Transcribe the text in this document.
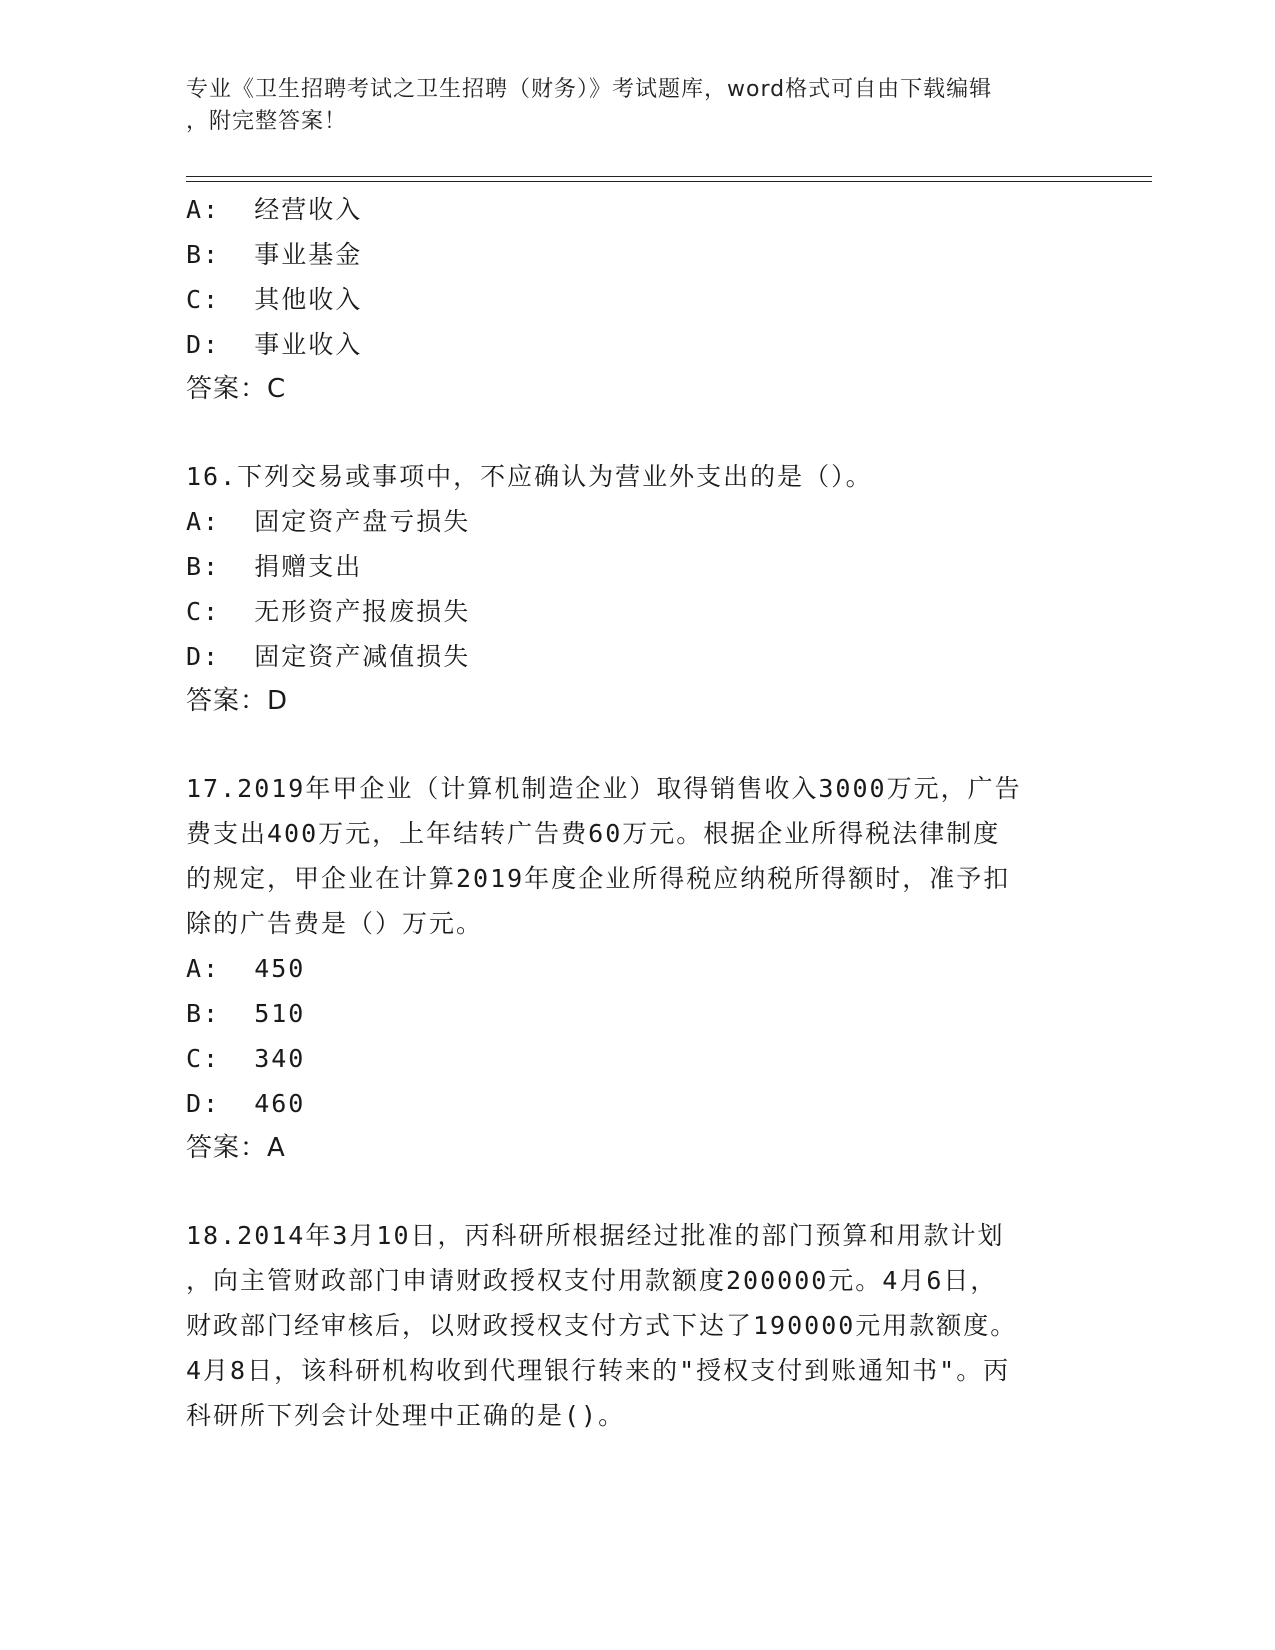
专业《卫生招聘考试之卫生招聘（财务）》考试题库，word格式可自由下载编辑
，附完整答案！
A:  经营收入
B:  事业基金
C:  其他收入
D:  事业收入
答案：C
16.下列交易或事项中，不应确认为营业外支出的是（）。
A:  固定资产盘亏损失
B:  捐赠支出
C:  无形资产报废损失
D:  固定资产减值损失
答案：D
17.2019年甲企业（计算机制造企业）取得销售收入3000万元，广告
费支出400万元，上年结转广告费60万元。根据企业所得税法律制度
的规定，甲企业在计算2019年度企业所得税应纳税所得额时，准予扣
除的广告费是（）万元。
A:  450
B:  510
C:  340
D:  460
答案：A
18.2014年3月10日，丙科研所根据经过批准的部门预算和用款计划
，向主管财政部门申请财政授权支付用款额度200000元。4月6日，
财政部门经审核后，以财政授权支付方式下达了190000元用款额度。
4月8日，该科研机构收到代理银行转来的"授权支付到账通知书"。丙
科研所下列会计处理中正确的是()。
